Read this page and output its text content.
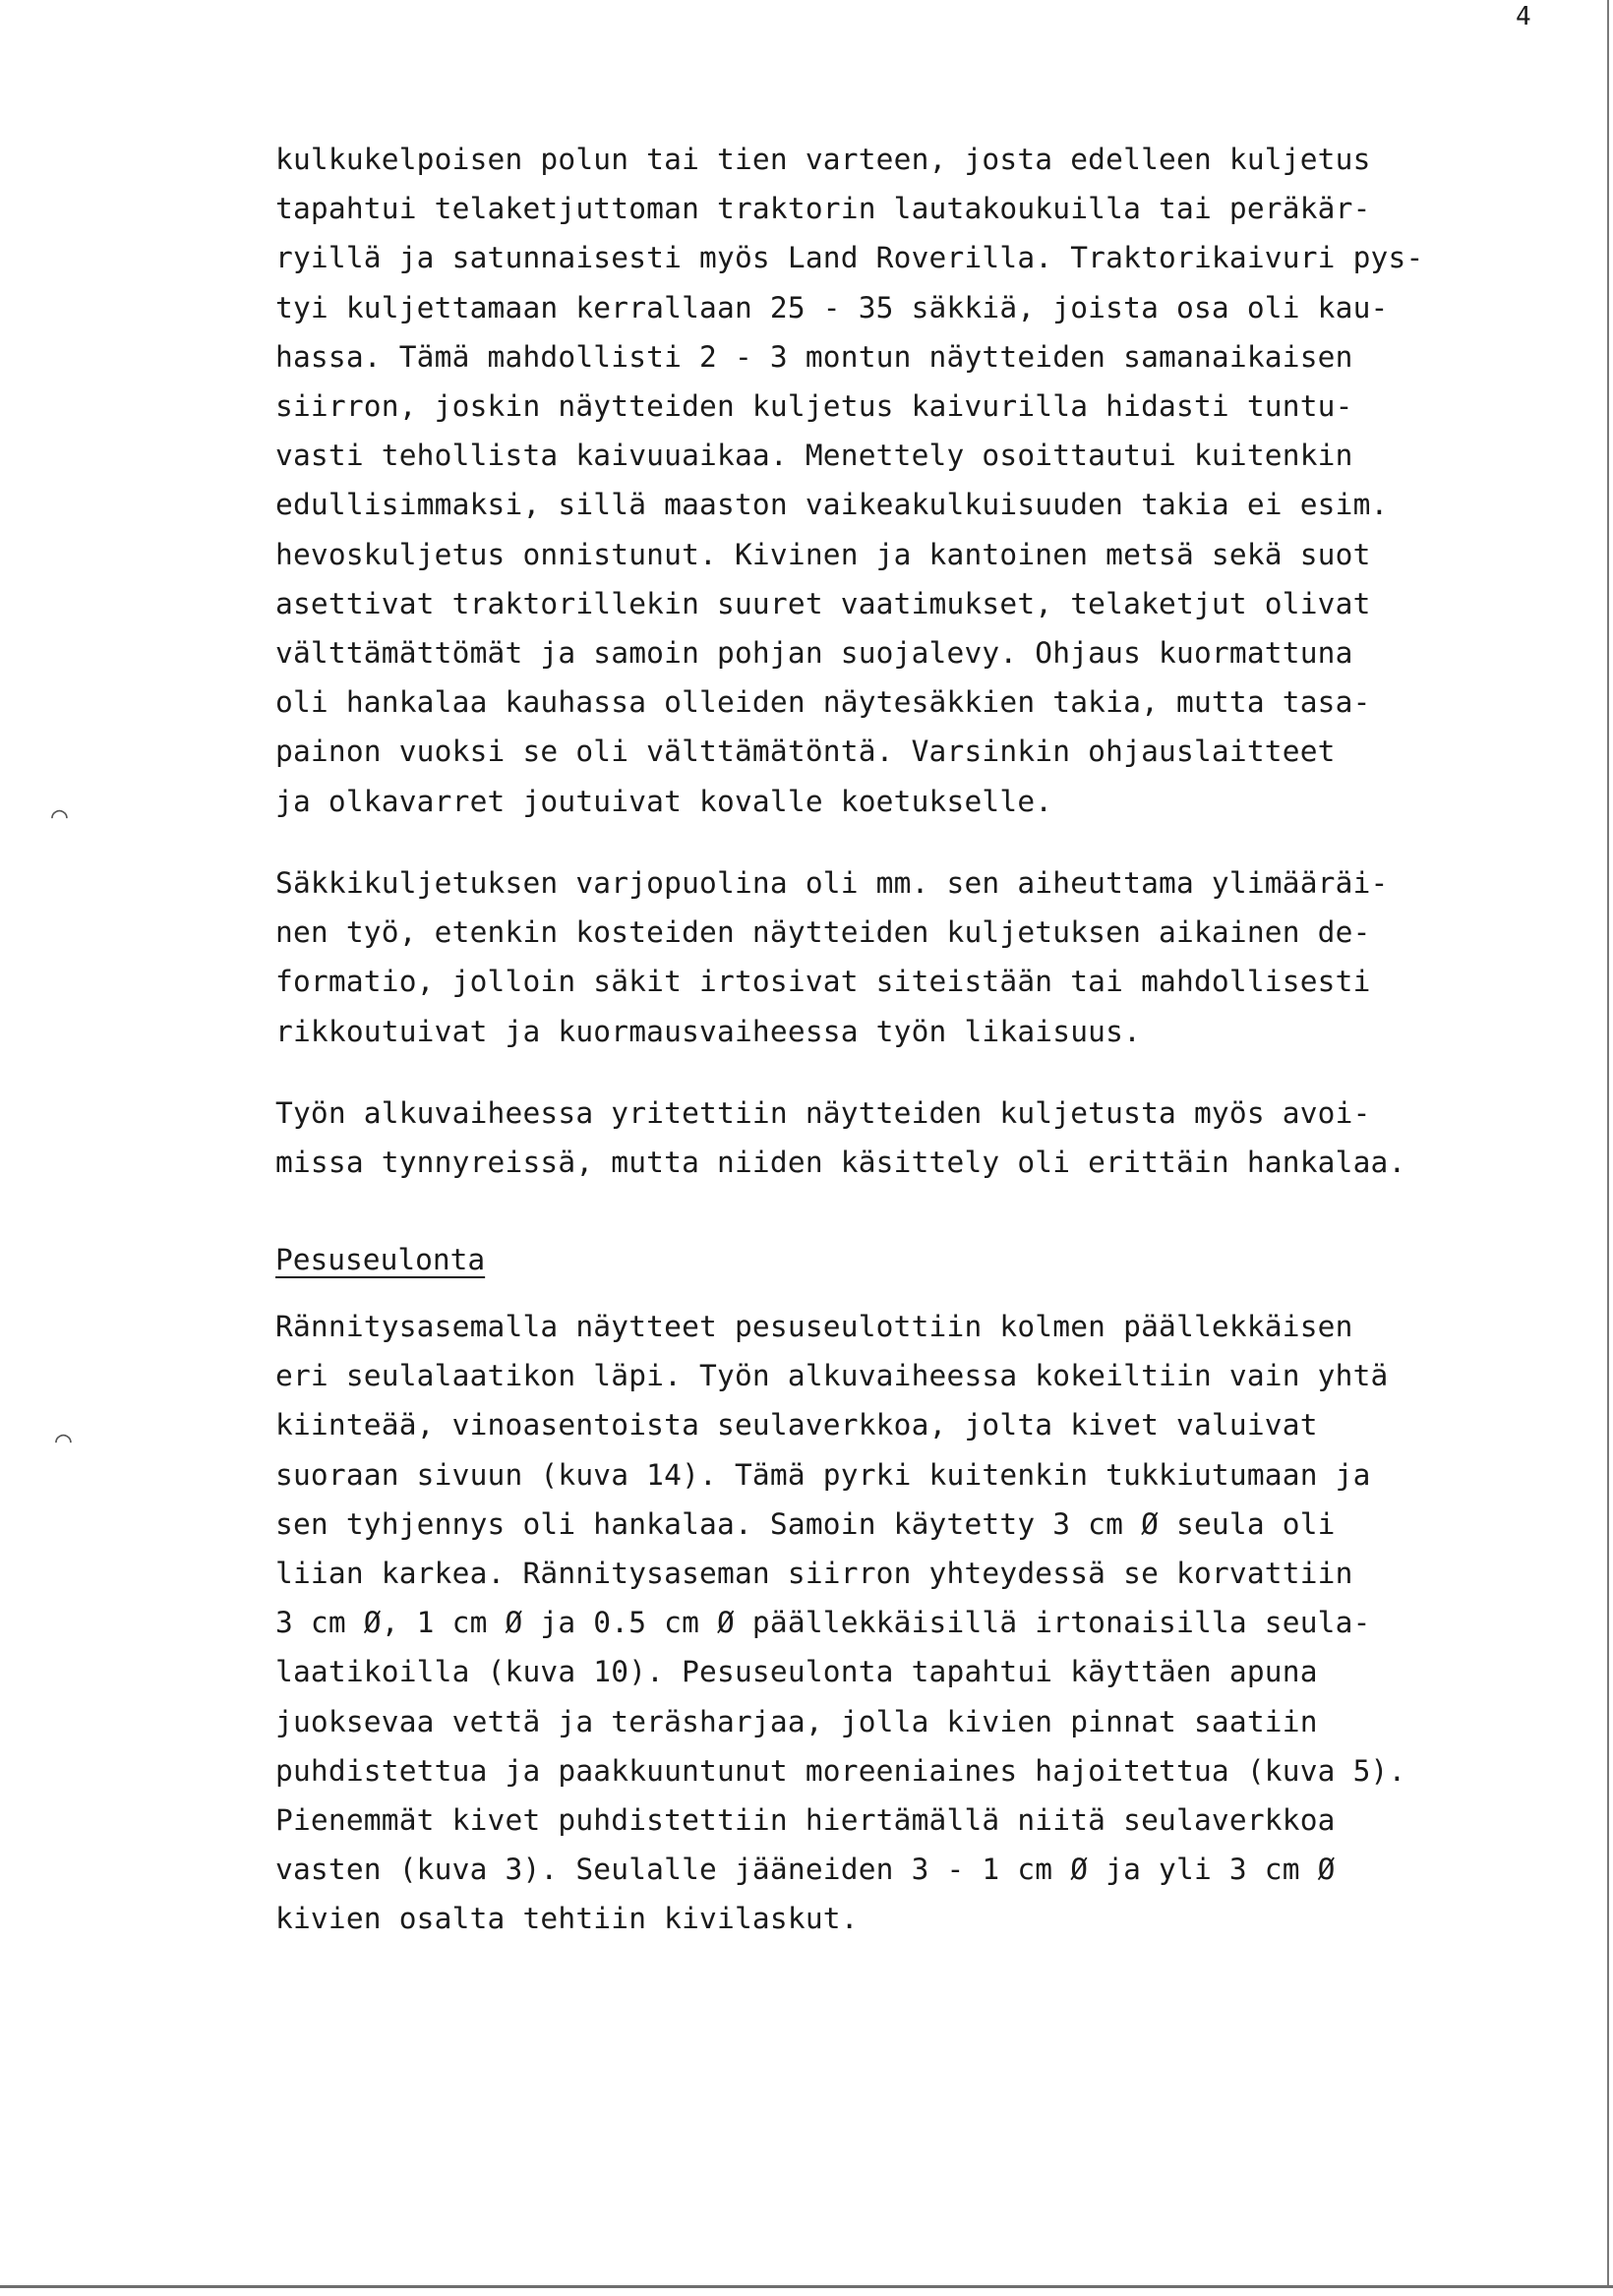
4
kulkukelpoisen polun tai tien varteen, josta edelleen kuljetus
tapahtui telaketjuttoman traktorin lautakoukuilla tai peräkär-
ryillä ja satunnaisesti myös Land Roverilla. Traktorikaivuri pys-
tyi kuljettamaan kerrallaan 25 - 35 säkkiä, joista osa oli kau-
hassa. Tämä mahdollisti 2 - 3 montun näytteiden samanaikaisen
siirron, joskin näytteiden kuljetus kaivurilla hidasti tuntu-
vasti tehollista kaivuuaikaa. Menettely osoittautui kuitenkin
edullisimmaksi, sillä maaston vaikeakulkuisuuden takia ei esim.
hevoskuljetus onnistunut. Kivinen ja kantoinen metsä sekä suot
asettivat traktorillekin suuret vaatimukset, telaketjut olivat
välttämättömät ja samoin pohjan suojalevy. Ohjaus kuormattuna
oli hankalaa kauhassa olleiden näytesäkkien takia, mutta tasa-
painon vuoksi se oli välttämätöntä. Varsinkin ohjauslaitteet
ja olkavarret joutuivat kovalle koetukselle.
Säkkikuljetuksen varjopuolina oli mm. sen aiheuttama ylimääräi-
nen työ, etenkin kosteiden näytteiden kuljetuksen aikainen de-
formatio, jolloin säkit irtosivat siteistään tai mahdollisesti
rikkoutuivat ja kuormausvaiheessa työn likaisuus.
Työn alkuvaiheessa yritettiin näytteiden kuljetusta myös avoi-
missa tynnyreissä, mutta niiden käsittely oli erittäin hankalaa.
Pesuseulonta
Rännitysasemalla näytteet pesuseulottiin kolmen päällekkäisen
eri seulalaatikon läpi. Työn alkuvaiheessa kokeiltiin vain yhtä
kiinteää, vinoasentoista seulaverkkoa, jolta kivet valuivat
suoraan sivuun (kuva 14). Tämä pyrki kuitenkin tukkiutumaan ja
sen tyhjennys oli hankalaa. Samoin käytetty 3 cm Ø seula oli
liian karkea. Rännitysaseman siirron yhteydessä se korvattiin
3 cm Ø, 1 cm Ø ja 0.5 cm Ø päällekkäisillä irtonaisilla seula-
laatikoilla (kuva 10). Pesuseulonta tapahtui käyttäen apuna
juoksevaa vettä ja teräsharjaa, jolla kivien pinnat saatiin
puhdistettua ja paakkuuntunut moreeniaines hajoitettua (kuva 5).
Pienemmät kivet puhdistettiin hiertämällä niitä seulaverkkoa
vasten (kuva 3). Seulalle jääneiden 3 - 1 cm Ø ja yli 3 cm Ø
kivien osalta tehtiin kivilaskut.
⌒
⌒
